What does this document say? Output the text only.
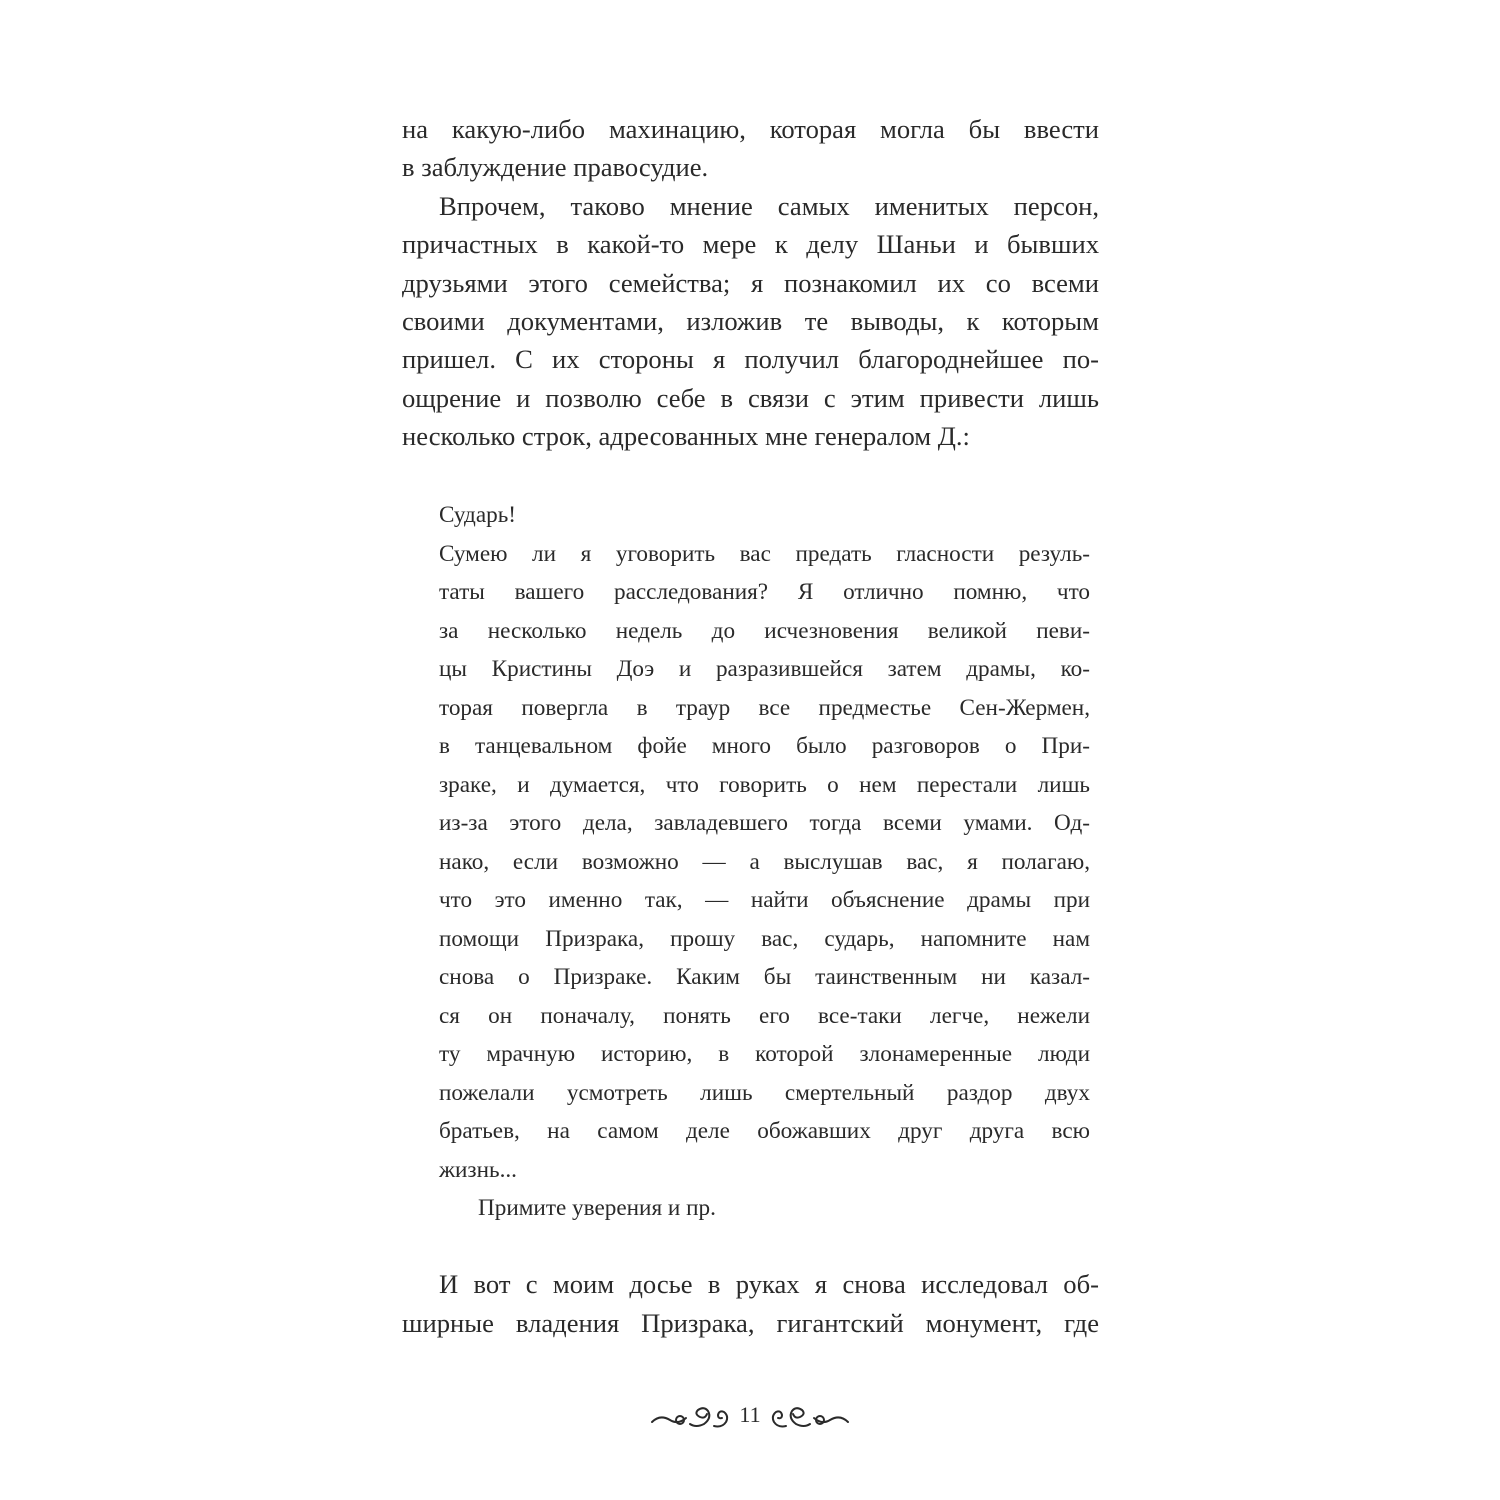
на какую-либо махинацию, которая могла бы ввести
в заблуждение правосудие.
Впрочем, таково мнение самых именитых персон,
причастных в какой-то мере к делу Шаньи и бывших
друзьями этого семейства; я познакомил их со всеми
своими документами, изложив те выводы, к которым
пришел. С их стороны я получил благороднейшее по-
ощрение и позволю себе в связи с этим привести лишь
несколько строк, адресованных мне генералом Д.:
Сударь!
Сумею ли я уговорить вас предать гласности резуль-
таты вашего расследования? Я отлично помню, что
за несколько недель до исчезновения великой певи-
цы Кристины Доэ и разразившейся затем драмы, ко-
торая повергла в траур все предместье Сен-Жермен,
в танцевальном фойе много было разговоров о При-
зраке, и думается, что говорить о нем перестали лишь
из-за этого дела, завладевшего тогда всеми умами. Од-
нако, если возможно — а выслушав вас, я полагаю,
что это именно так, — найти объяснение драмы при
помощи Призрака, прошу вас, сударь, напомните нам
снова о Призраке. Каким бы таинственным ни казал-
ся он поначалу, понять его все-таки легче, нежели
ту мрачную историю, в которой злонамеренные люди
пожелали усмотреть лишь смертельный раздор двух
братьев, на самом деле обожавших друг друга всю
жизнь...
Примите уверения и пр.
И вот с моим досье в руках я снова исследовал об-
ширные владения Призрака, гигантский монумент, где
11
